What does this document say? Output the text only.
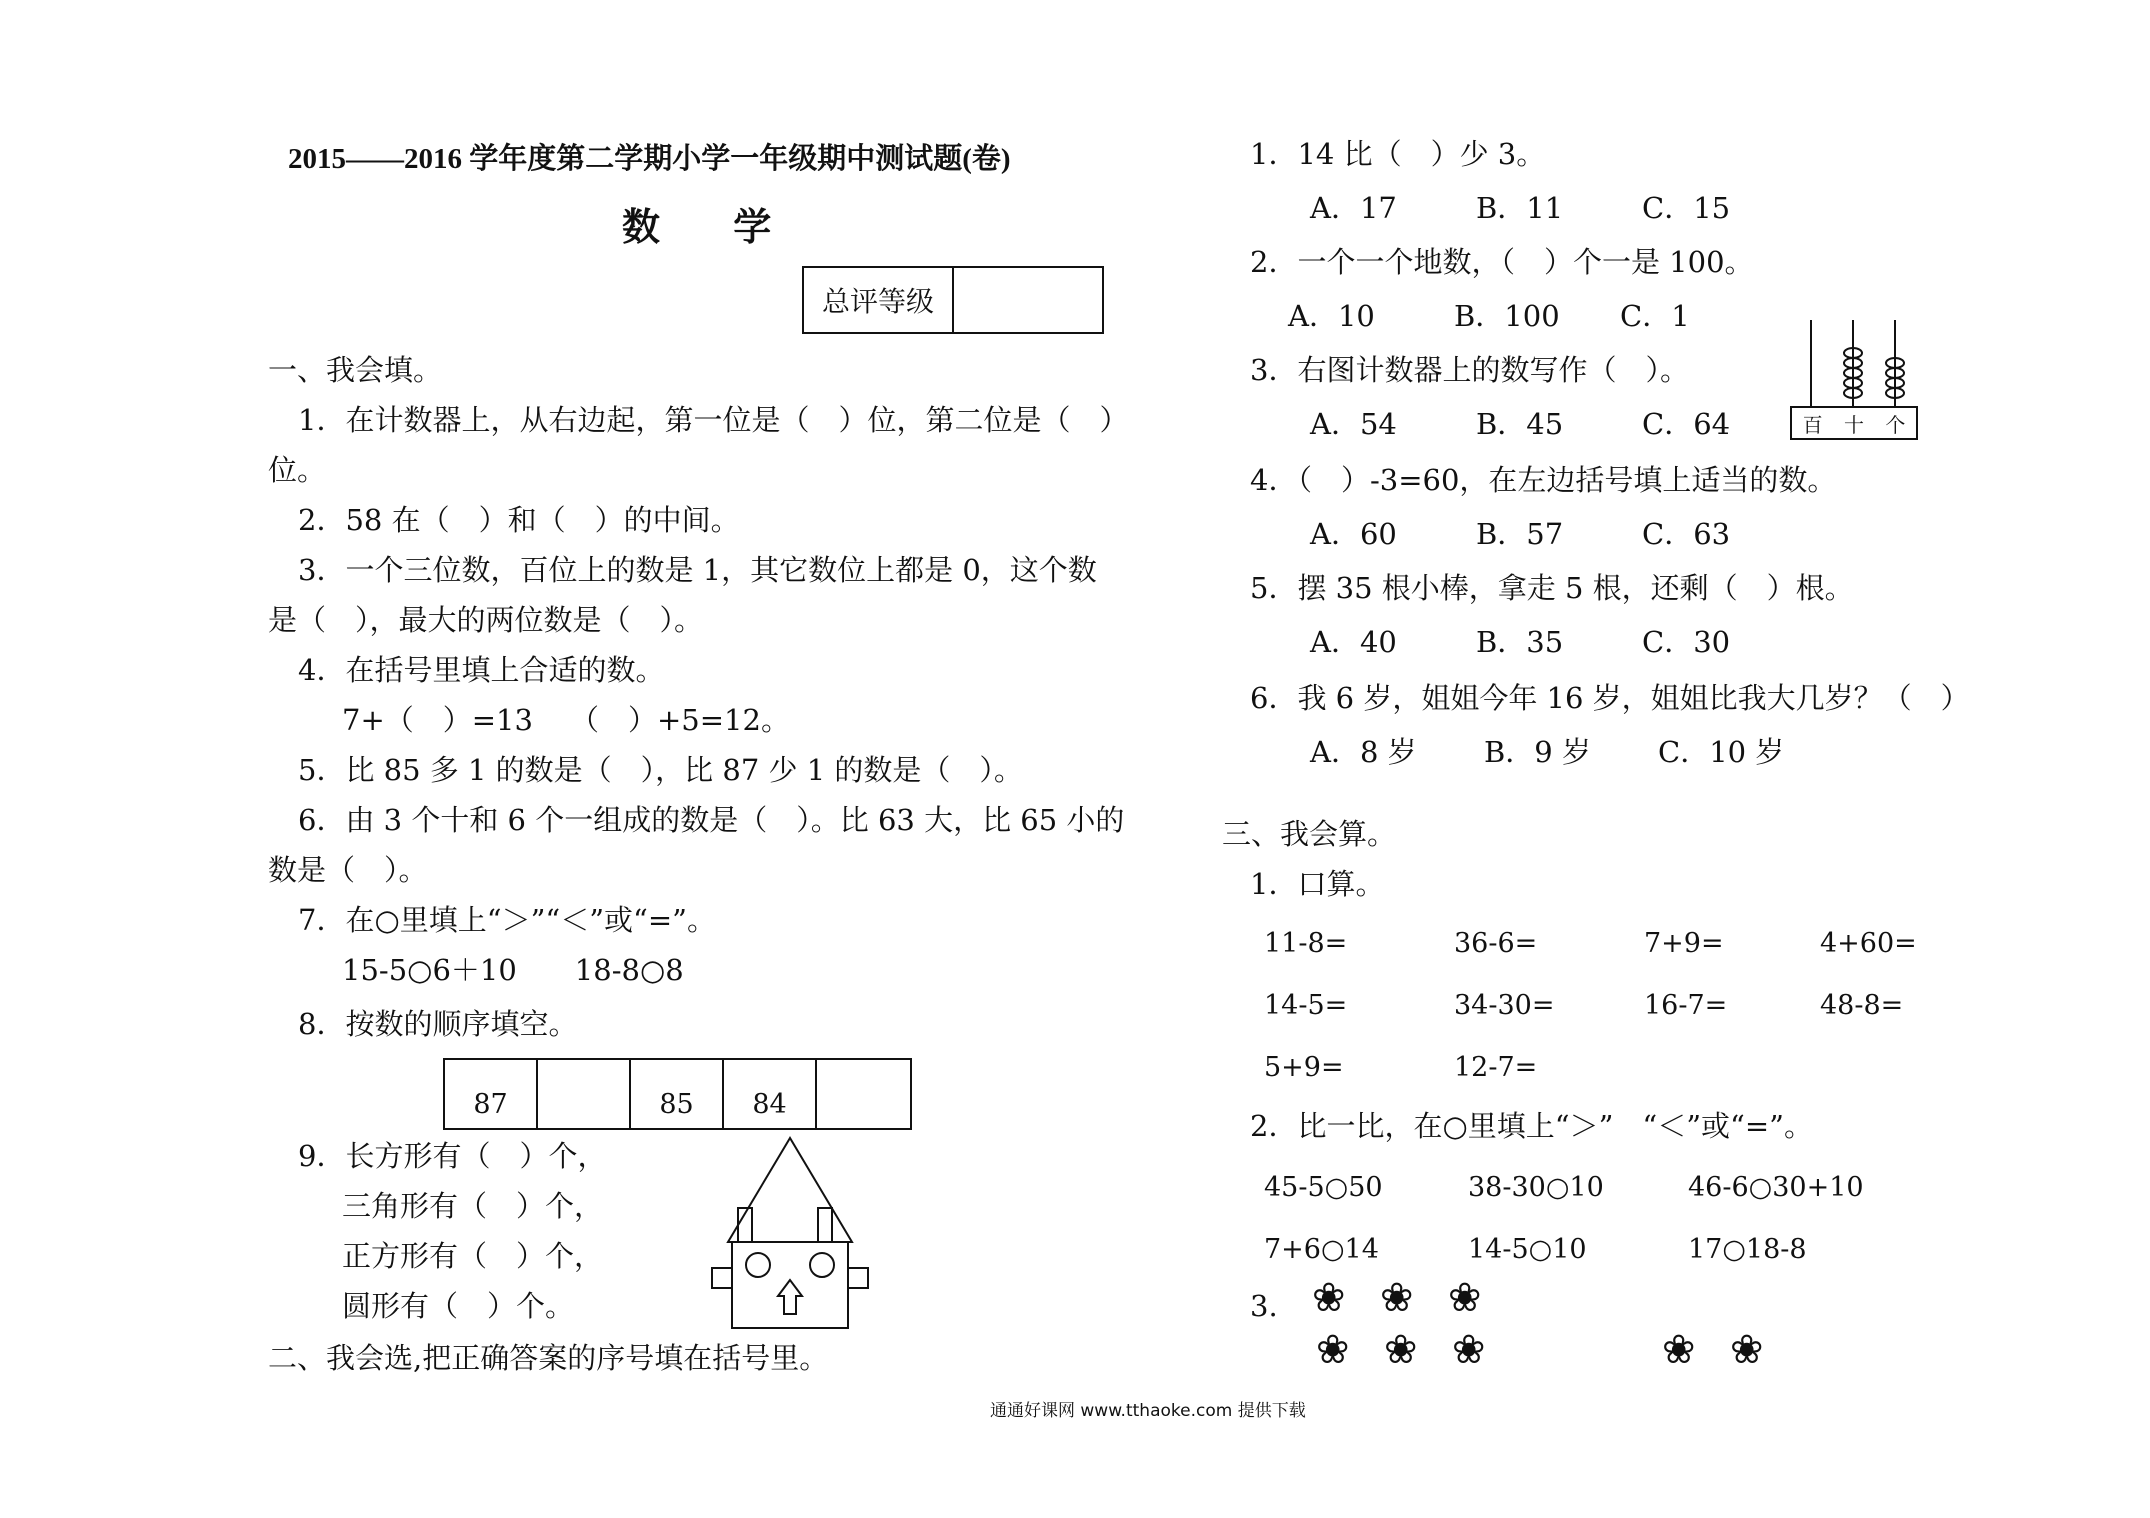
2015——2016 学年度第二学期小学一年级期中测试题(卷)
数 学
总评等级
一、我会填。
1．在计数器上，从右边起，第一位是（　）位，第二位是（　）
位。
2．58 在（　）和（　）的中间。
3．一个三位数，百位上的数是 1，其它数位上都是 0，这个数
是（　），最大的两位数是（　）。
4．在括号里填上合适的数。
7+（　）=13 （　）+5=12。
5．比 85 多 1 的数是（　），比 87 少 1 的数是（　）。
6．由 3 个十和 6 个一组成的数是（　）。比 63 大，比 65 小的
数是（　）。
7．在○里填上“＞”“＜”或“=”。
15-5○6＋10　　18-8○8
8．按数的顺序填空。
87	85	84
9．长方形有（　）个，
三角形有（　）个，
正方形有（　）个，
圆形有（　）个。
二、我会选,把正确答案的序号填在括号里。
1．14 比（　）少 3。
A．17	B．11	C．15
2．一个一个地数，（　）个一是 100。
A．10	B．100 C．1
3．右图计数器上的数写作（　）。
A．54	B．45	C．64	百 十 个
4．（　）-3=60，在左边括号填上适当的数。
A．60	B．57	C．63
5．摆 35 根小棒，拿走 5 根，还剩（　）根。
A．40	B．35	C．30
6．我 6 岁，姐姐今年 16 岁，姐姐比我大几岁？（　）
A．8 岁 B．9 岁 C．10 岁
三、我会算。
1．口算。
11-8=	36-6=	7+9=	4+60=
14-5=	34-30=	16-7=	48-8=
5+9=	12-7=
2．比一比，在○里填上“＞”　“＜”或“=”。
45-5○50	38-30○10	46-6○30+10
7+6○14	14-5○10	17○18-8
3. ❀ ❀ ❀
❀ ❀ ❀	❀ ❀
通通好课网 www.tthaoke.com 提供下载
